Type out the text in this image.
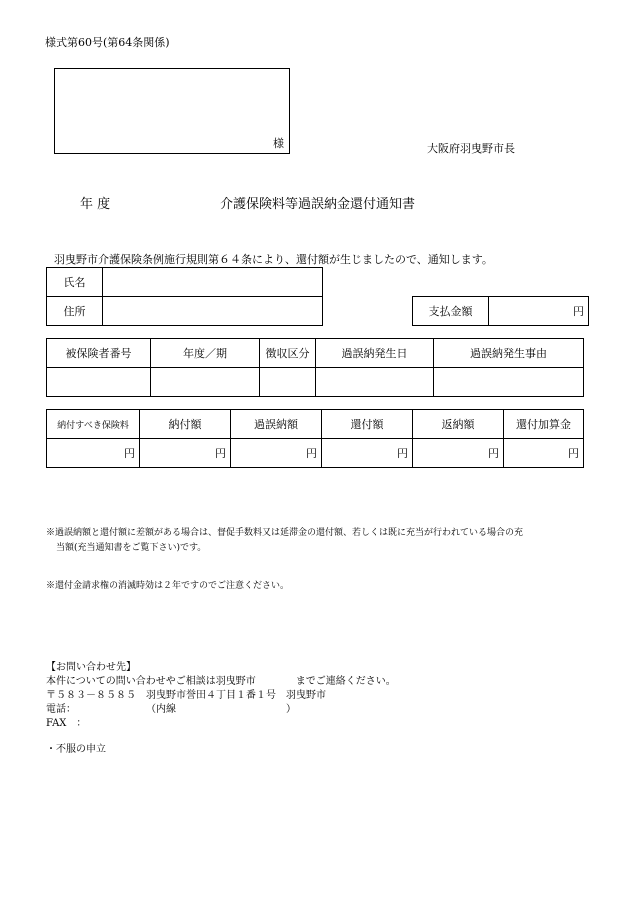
様式第60号(第64条関係)
様	大阪府羽曳野市長
年 度	介護保険料等過誤納金還付通知書
羽曳野市介護保険条例施行規則第６４条により、還付額が生じましたので、通知します。
氏名	
住所		支払金額	円
被保険者番号	年度／期	徴収区分	過誤納発生日	過誤納発生事由

納付すべき保険料	納付額	過誤納額	還付額	返納額	還付加算金
円	円	円	円	円	円
※過誤納額と還付額に差額がある場合は、督促手数料又は延滞金の還付額、若しくは既に充当が行われている場合の充
当額(充当通知書をご覧下さい)です。
※還付金請求権の消滅時効は２年ですのでご注意ください。
【お問い合わせ先】
本件についての問い合わせやご相談は羽曳野市　　　　までご連絡ください。
〒５８３－８５８５　羽曳野市誉田４丁目１番１号　羽曳野市
電話：　　　　　　　　（内線　　　　　　　　　　　）
FAX　：
・不服の申立
